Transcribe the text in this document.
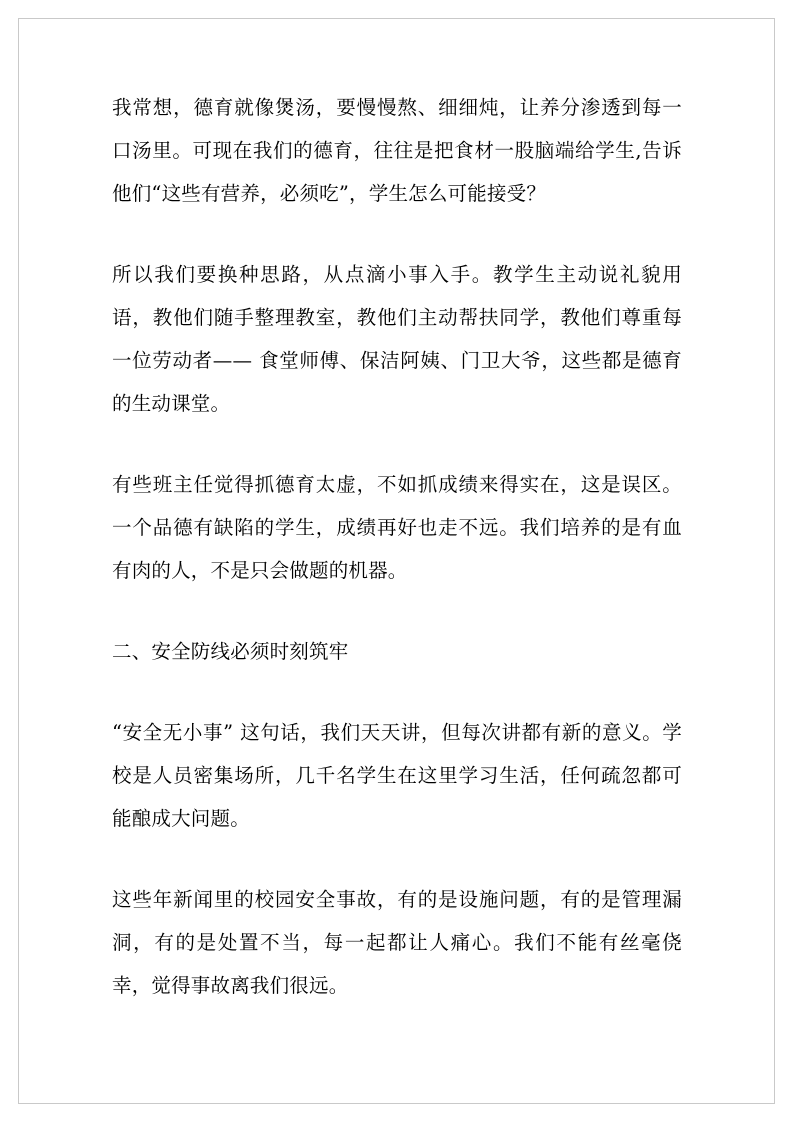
我常想，德育就像煲汤，要慢慢熬、细细炖，让养分渗透到每一口汤里。可现在我们的德育，往往是把食材一股脑端给学生,告诉他们“这些有营养，必须吃”，学生怎么可能接受？

所以我们要换种思路，从点滴小事入手。教学生主动说礼貌用语，教他们随手整理教室，教他们主动帮扶同学，教他们尊重每一位劳动者—— 食堂师傅、保洁阿姨、门卫大爷，这些都是德育的生动课堂。

有些班主任觉得抓德育太虚，不如抓成绩来得实在，这是误区。一个品德有缺陷的学生，成绩再好也走不远。我们培养的是有血有肉的人，不是只会做题的机器。

二、安全防线必须时刻筑牢

“安全无小事” 这句话，我们天天讲，但每次讲都有新的意义。学校是人员密集场所，几千名学生在这里学习生活，任何疏忽都可能酿成大问题。

这些年新闻里的校园安全事故，有的是设施问题，有的是管理漏洞，有的是处置不当，每一起都让人痛心。我们不能有丝毫侥幸，觉得事故离我们很远。
